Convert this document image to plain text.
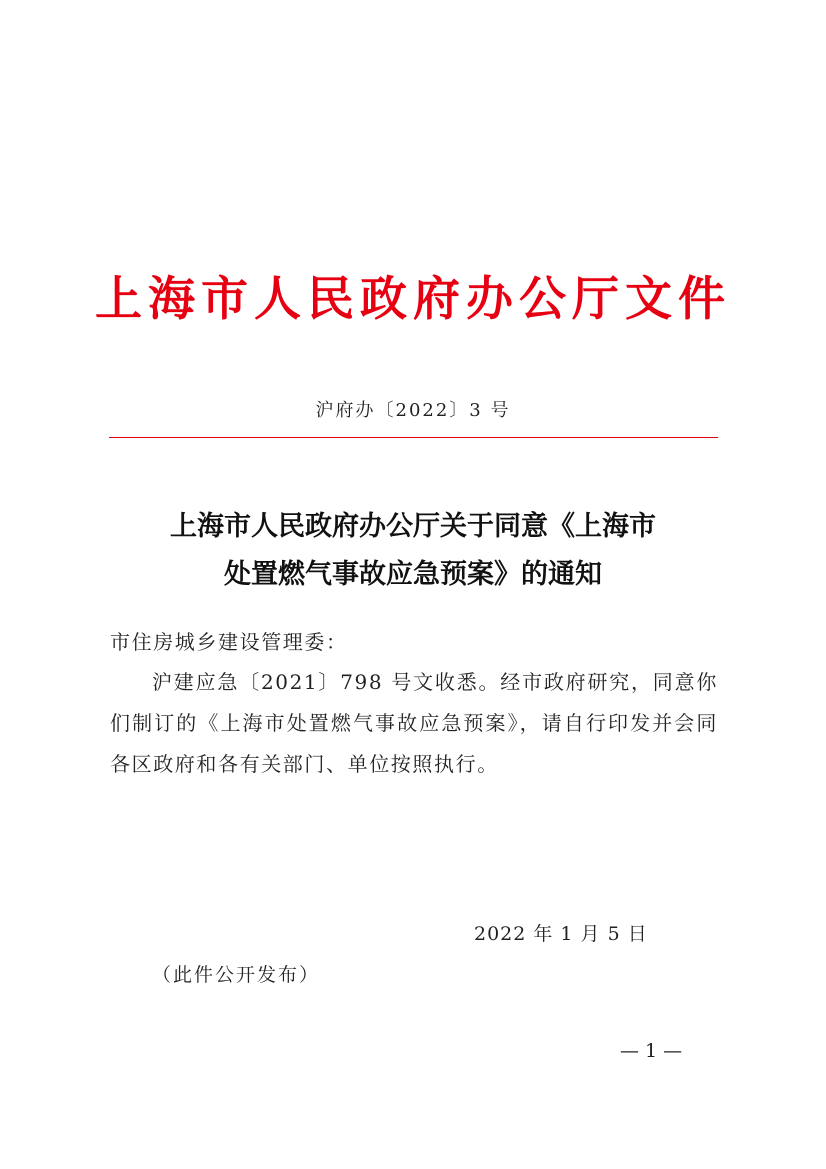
上海市人民政府办公厅文件
沪府办〔2022〕3 号
上海市人民政府办公厅关于同意《上海市
处置燃气事故应急预案》的通知
市住房城乡建设管理委：
沪建应急〔2021〕798 号文收悉。经市政府研究，同意你们制订的《上海市处置燃气事故应急预案》，请自行印发并会同各区政府和各有关部门、单位按照执行。
2022 年 1 月 5 日
（此件公开发布）
— 1 —
